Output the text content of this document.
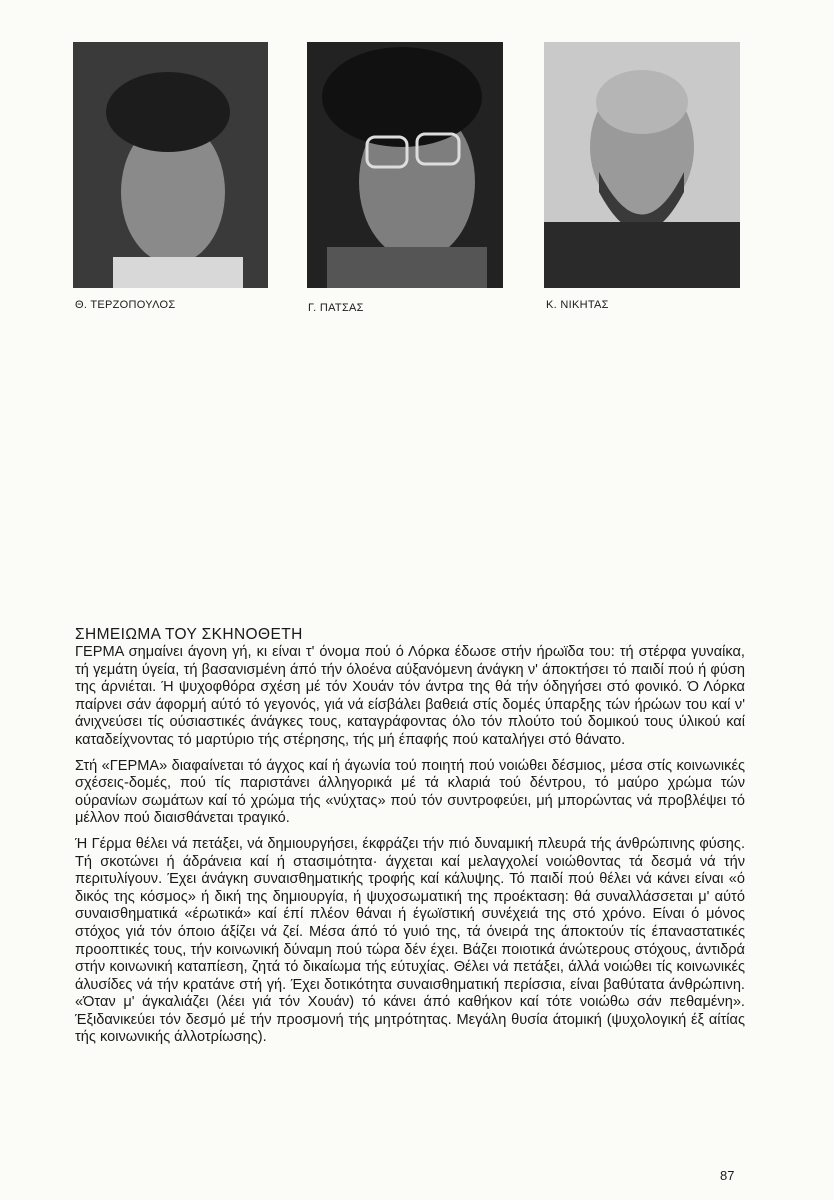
Θ. ΤΕΡΖΟΠΟΥΛΟΣ	Γ. ΠΑΤΣΑΣ	Κ. ΝΙΚΗΤΑΣ
ΣΗΜΕΙΩΜΑ ΤΟΥ ΣΚΗΝΟΘΕΤΗ

ΓΕΡΜΑ σημαίνει άγονη γή, κι είναι τ' όνομα πού ό Λόρκα έδωσε στήν ήρωϊδα του: τή στέρφα γυναίκα, τή γεμάτη ύγεία, τή βασανισμένη άπό τήν όλοένα αύξανόμενη άνάγκη ν' άποκτήσει τό παιδί πού ή φύση της άρνιέται. Ή ψυχοφθόρα σχέση μέ τόν Χουάν τόν άντρα της θά τήν όδηγήσει στό φονικό. Ό Λόρκα παίρνει σάν άφορμή αύτό τό γεγονός, γιά νά είσβάλει βαθειά στίς δομές ύπαρξης τών ήρώων του καί ν' άνιχνεύσει τίς ούσιαστικές άνάγκες τους, καταγράφοντας όλο τόν πλούτο τού δομικού τους ύλικού καί καταδείχνοντας τό μαρτύριο τής στέρησης, τής μή έπαφής πού καταλήγει στό θάνατο.

Στή «ΓΕΡΜΑ» διαφαίνεται τό άγχος καί ή άγωνία τού ποιητή πού νοιώθει δέσμιος, μέσα στίς κοινωνικές σχέσεις-δομές, πού τίς παριστάνει άλληγορικά μέ τά κλαριά τού δέντρου, τό μαύρο χρώμα τών ούρανίων σωμάτων καί τό χρώμα τής «νύχτας» πού τόν συντροφεύει, μή μπορώντας νά προβλέψει τό μέλλον πού διαισθάνεται τραγικό.

Ή Γέρμα θέλει νά πετάξει, νά δημιουργήσει, έκφράζει τήν πιό δυναμική πλευρά τής άνθρώπινης φύσης. Τή σκοτώνει ή άδράνεια καί ή στασιμότητα· άγχεται καί μελαγχολεί νοιώθοντας τά δεσμά νά τήν περιτυλίγουν. Έχει άνάγκη συναισθηματικής τροφής καί κάλυψης. Τό παιδί πού θέλει νά κάνει είναι «ό δικός της κόσμος» ή δική της δημιουργία, ή ψυχοσωματική της προέκταση: θά συναλλάσσεται μ' αύτό συναισθηματικά «έρωτικά» καί έπί πλέον θάναι ή έγωϊστική συνέχειά της στό χρόνο. Είναι ό μόνος στόχος γιά τόν όποιο άξίζει νά ζεί. Μέσα άπό τό γυιό της, τά όνειρά της άποκτούν τίς έπαναστατικές προοπτικές τους, τήν κοινωνική δύναμη πού τώρα δέν έχει. Βάζει ποιοτικά άνώτερους στόχους, άντιδρά στήν κοινωνική καταπίεση, ζητά τό δικαίωμα τής εύτυχίας. Θέλει νά πετάξει, άλλά νοιώθει τίς κοινωνικές άλυσίδες νά τήν κρατάνε στή γή. Έχει δοτικότητα συναισθηματική περίσσια, είναι βαθύτατα άνθρώπινη. «Όταν μ' άγκαλιάζει (λέει γιά τόν Χουάν) τό κάνει άπό καθήκον καί τότε νοιώθω σάν πεθαμένη». Έξιδανικεύει τόν δεσμό μέ τήν προσμονή τής μητρότητας. Μεγάλη θυσία άτομική (ψυχολογική έξ αίτίας τής κοινωνικής άλλοτρίωσης).

87
